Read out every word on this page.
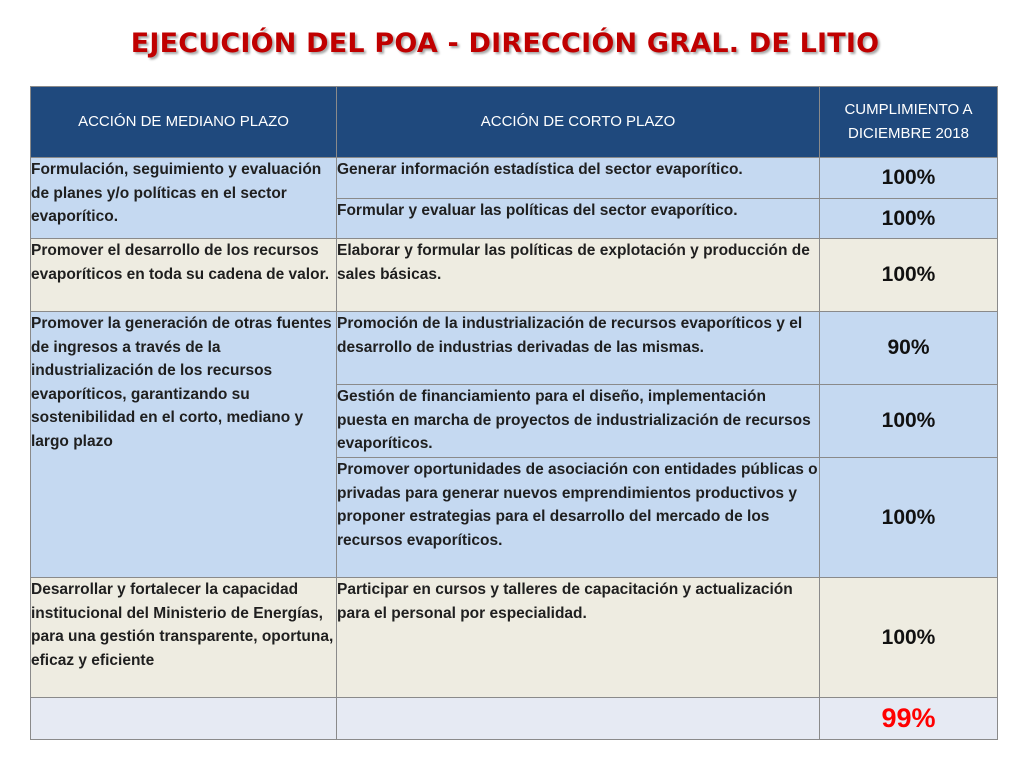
EJECUCIÓN DEL POA - DIRECCIÓN GRAL. DE LITIO
ACCIÓN DE MEDIANO PLAZO	ACCIÓN DE CORTO PLAZO	CUMPLIMIENTO A DICIEMBRE 2018
Formulación, seguimiento y evaluación de planes y/o políticas en el sector evaporítico.	Generar información estadística del sector evaporítico.	100%
	Formular y evaluar las políticas del sector evaporítico.	100%
Promover el desarrollo de los recursos evaporíticos en toda su cadena de valor.	Elaborar y formular las políticas de explotación y producción de sales básicas.	100%
Promover la generación de otras fuentes de ingresos a través de la industrialización de los recursos evaporíticos, garantizando su sostenibilidad en el corto, mediano y largo plazo	Promoción de la industrialización de recursos evaporíticos y el desarrollo de industrias derivadas de las mismas.	90%
	Gestión de financiamiento para el diseño, implementación puesta en marcha de proyectos de industrialización de recursos evaporíticos.	100%
	Promover oportunidades de asociación con entidades públicas o privadas para generar nuevos emprendimientos productivos y proponer estrategias para el desarrollo del mercado de los recursos evaporíticos.	100%
Desarrollar y fortalecer la capacidad institucional del Ministerio de Energías, para una gestión transparente, oportuna, eficaz y eficiente	Participar en cursos y talleres de capacitación y actualización para el personal por especialidad.	100%
		99%
